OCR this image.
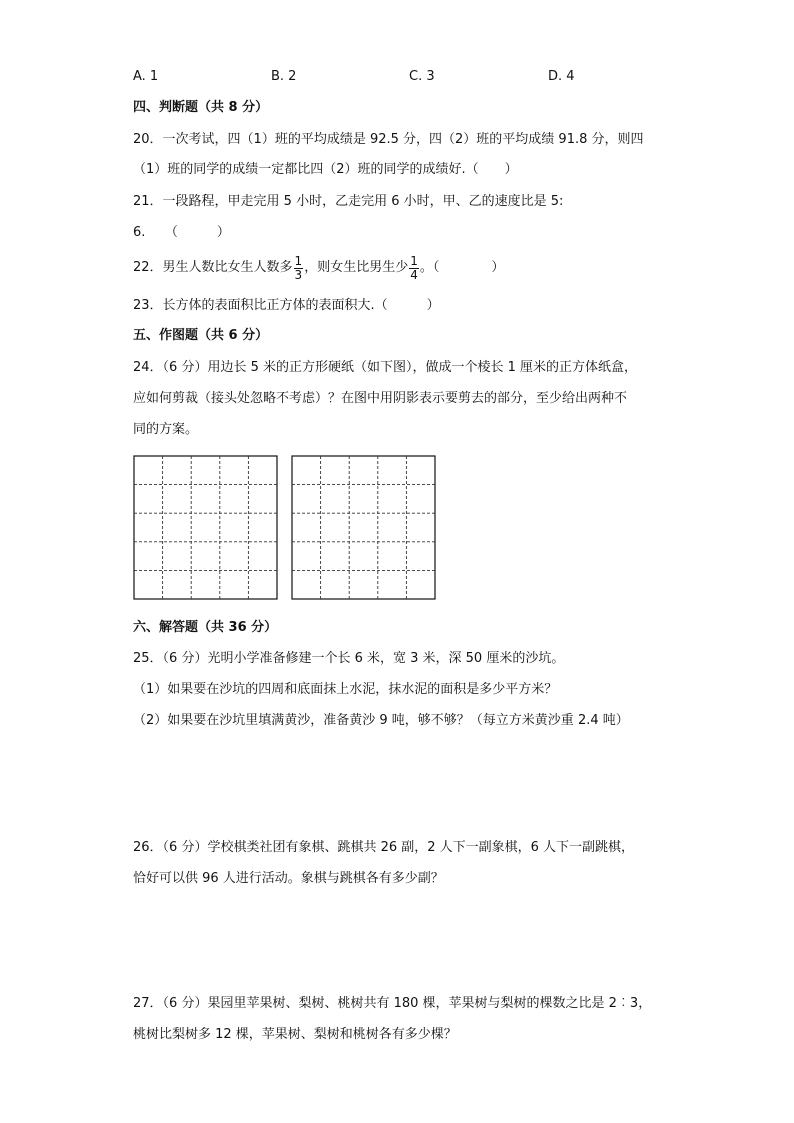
A. 1	B. 2	C. 3	D. 4
四、判断题（共 8 分）
20．一次考试，四（1）班的平均成绩是 92.5 分，四（2）班的平均成绩 91.8 分，则四
（1）班的同学的成绩一定都比四（2）班的同学的成绩好.（　　）
21．一段路程，甲走完用 5 小时，乙走完用 6 小时，甲、乙的速度比是 5:
6.　　（　　　）
22．男生人数比女生人数多 $\frac{1}{3}$ ，则女生比男生少 $\frac{1}{4}$ 。（　　　　）
23．长方体的表面积比正方体的表面积大.（　　　）
五、作图题（共 6 分）
24．（6 分）用边长 5 米的正方形硬纸（如下图），做成一个棱长 1 厘米的正方体纸盒，
应如何剪裁（接头处忽略不考虑）？在图中用阴影表示要剪去的部分，至少给出两种不
同的方案。
六、解答题（共 36 分）
25．（6 分）光明小学准备修建一个长 6 米，宽 3 米，深 50 厘米的沙坑。
（1）如果要在沙坑的四周和底面抹上水泥，抹水泥的面积是多少平方米？
（2）如果要在沙坑里填满黄沙，准备黄沙 9 吨，够不够？（每立方米黄沙重 2.4 吨）
26．（6 分）学校棋类社团有象棋、跳棋共 26 副，2 人下一副象棋，6 人下一副跳棋，
恰好可以供 96 人进行活动。象棋与跳棋各有多少副？
27．（6 分）果园里苹果树、梨树、桃树共有 180 棵，苹果树与梨树的棵数之比是 2︰3，
桃树比梨树多 12 棵，苹果树、梨树和桃树各有多少棵？
